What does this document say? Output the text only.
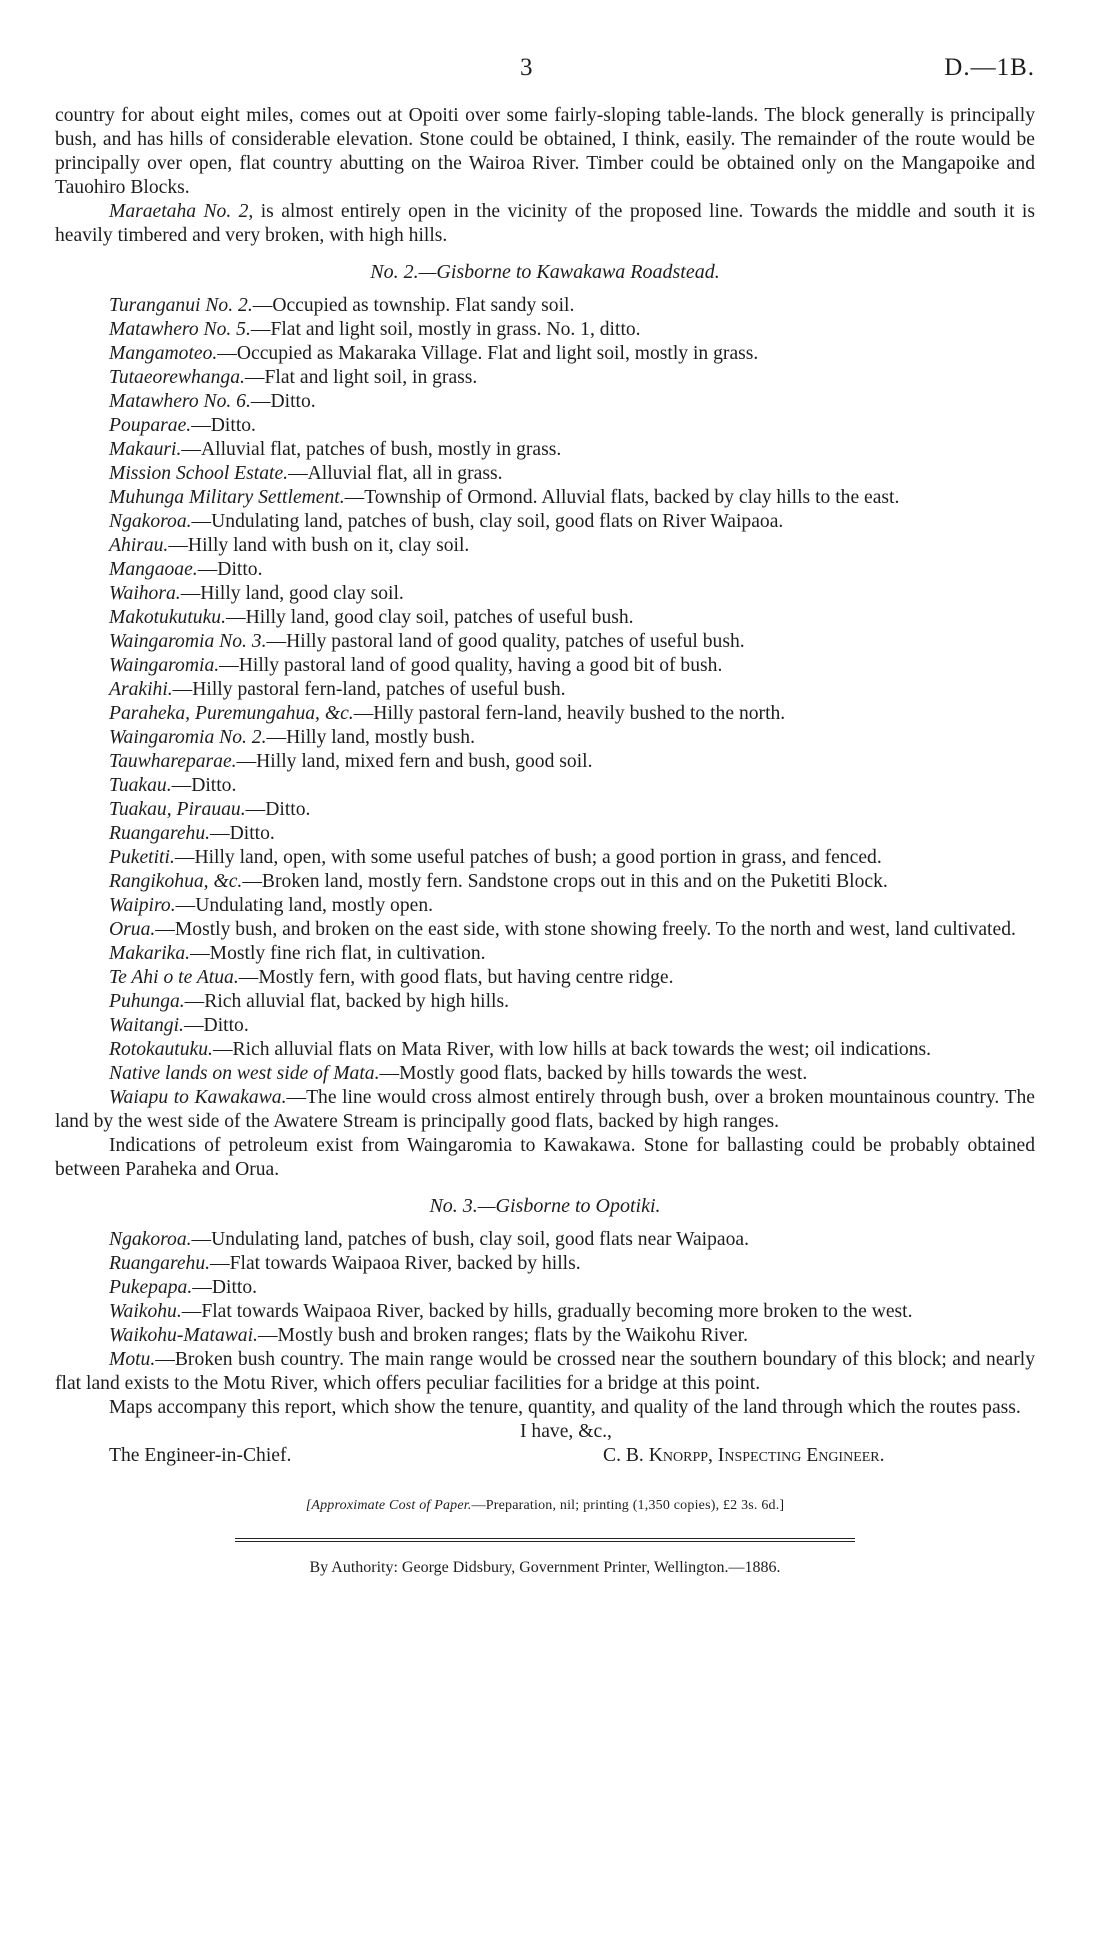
3	D.—1B.

country for about eight miles, comes out at Opoiti over some fairly-sloping table-lands. The block generally is principally bush, and has hills of considerable elevation. Stone could be obtained, I think, easily. The remainder of the route would be principally over open, flat country abutting on the Wairoa River. Timber could be obtained only on the Mangapoike and Tauohiro Blocks.

Maraetaha No. 2, is almost entirely open in the vicinity of the proposed line. Towards the middle and south it is heavily timbered and very broken, with high hills.

No. 2.—Gisborne to Kawakawa Roadstead.

Turanganui No. 2.—Occupied as township. Flat sandy soil.

Matawhero No. 5.—Flat and light soil, mostly in grass. No. 1, ditto.

Mangamoteo.—Occupied as Makaraka Village. Flat and light soil, mostly in grass.

Tutaeorewhanga.—Flat and light soil, in grass.

Matawhero No. 6.—Ditto.

Pouparae.—Ditto.

Makauri.—Alluvial flat, patches of bush, mostly in grass.

Mission School Estate.—Alluvial flat, all in grass.

Muhunga Military Settlement.—Township of Ormond. Alluvial flats, backed by clay hills to the east.

Ngakoroa.—Undulating land, patches of bush, clay soil, good flats on River Waipaoa.

Ahirau.—Hilly land with bush on it, clay soil.

Mangaoae.—Ditto.

Waihora.—Hilly land, good clay soil.

Makotukutuku.—Hilly land, good clay soil, patches of useful bush.

Waingaromia No. 3.—Hilly pastoral land of good quality, patches of useful bush.

Waingaromia.—Hilly pastoral land of good quality, having a good bit of bush.

Arakihi.—Hilly pastoral fern-land, patches of useful bush.

Paraheka, Puremungahua, &c.—Hilly pastoral fern-land, heavily bushed to the north.

Waingaromia No. 2.—Hilly land, mostly bush.

Tauwhareparae.—Hilly land, mixed fern and bush, good soil.

Tuakau.—Ditto.

Tuakau, Pirauau.—Ditto.

Ruangarehu.—Ditto.

Puketiti.—Hilly land, open, with some useful patches of bush; a good portion in grass, and fenced.

Rangikohua, &c.—Broken land, mostly fern. Sandstone crops out in this and on the Puketiti Block.

Waipiro.—Undulating land, mostly open.

Orua.—Mostly bush, and broken on the east side, with stone showing freely. To the north and west, land cultivated.

Makarika.—Mostly fine rich flat, in cultivation.

Te Ahi o te Atua.—Mostly fern, with good flats, but having centre ridge.

Puhunga.—Rich alluvial flat, backed by high hills.

Waitangi.—Ditto.

Rotokautuku.—Rich alluvial flats on Mata River, with low hills at back towards the west; oil indications.

Native lands on west side of Mata.—Mostly good flats, backed by hills towards the west.

Waiapu to Kawakawa.—The line would cross almost entirely through bush, over a broken mountainous country. The land by the west side of the Awatere Stream is principally good flats, backed by high ranges.

Indications of petroleum exist from Waingaromia to Kawakawa. Stone for ballasting could be probably obtained between Paraheka and Orua.

No. 3.—Gisborne to Opotiki.

Ngakoroa.—Undulating land, patches of bush, clay soil, good flats near Waipaoa.

Ruangarehu.—Flat towards Waipaoa River, backed by hills.

Pukepapa.—Ditto.

Waikohu.—Flat towards Waipaoa River, backed by hills, gradually becoming more broken to the west.

Waikohu-Matawai.—Mostly bush and broken ranges; flats by the Waikohu River.

Motu.—Broken bush country. The main range would be crossed near the southern boundary of this block; and nearly flat land exists to the Motu River, which offers peculiar facilities for a bridge at this point.

Maps accompany this report, which show the tenure, quantity, and quality of the land through which the routes pass.

I have, &c.,
The Engineer-in-Chief.	C. B. Knorpp, Inspecting Engineer.

[Approximate Cost of Paper.—Preparation, nil; printing (1,350 copies), £2 3s. 6d.]

By Authority: George Didsbury, Government Printer, Wellington.—1886.
